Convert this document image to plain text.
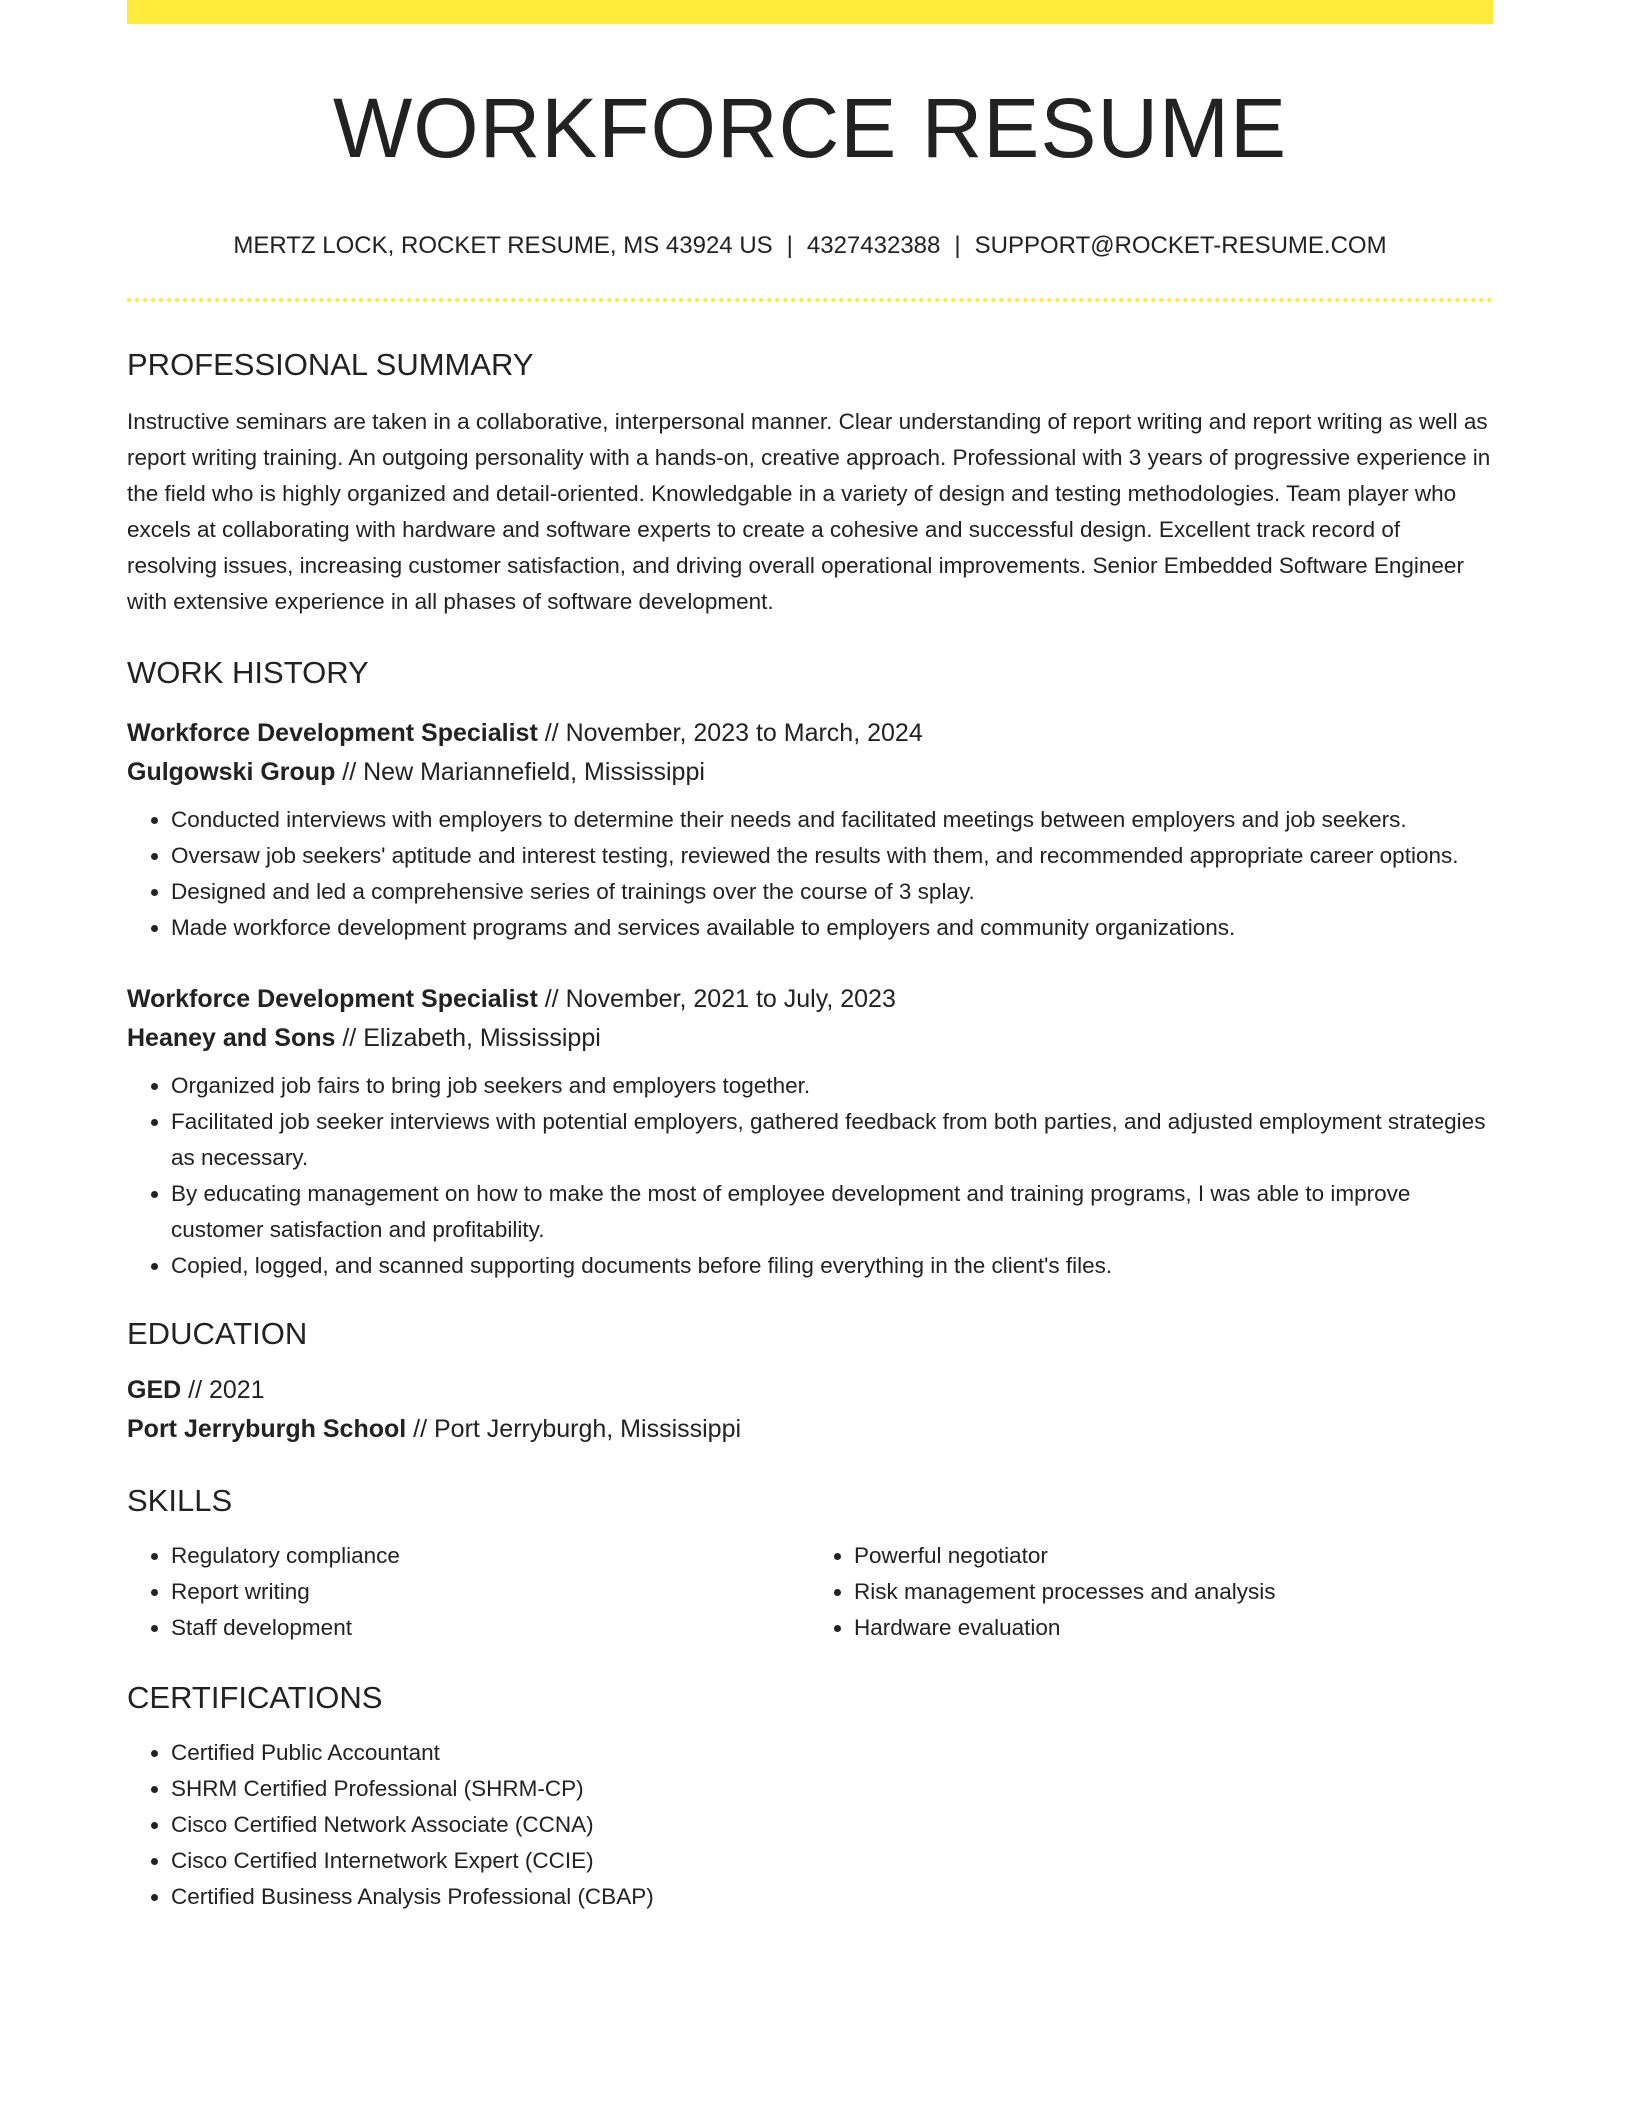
WORKFORCE RESUME
MERTZ LOCK, ROCKET RESUME, MS 43924 US | 4327432388 | SUPPORT@ROCKET-RESUME.COM
PROFESSIONAL SUMMARY
Instructive seminars are taken in a collaborative, interpersonal manner. Clear understanding of report writing and report writing as well as report writing training. An outgoing personality with a hands-on, creative approach. Professional with 3 years of progressive experience in the field who is highly organized and detail-oriented. Knowledgable in a variety of design and testing methodologies. Team player who excels at collaborating with hardware and software experts to create a cohesive and successful design. Excellent track record of resolving issues, increasing customer satisfaction, and driving overall operational improvements. Senior Embedded Software Engineer with extensive experience in all phases of software development.
WORK HISTORY
Workforce Development Specialist // November, 2023 to March, 2024
Gulgowski Group // New Mariannefield, Mississippi
• Conducted interviews with employers to determine their needs and facilitated meetings between employers and job seekers.
• Oversaw job seekers' aptitude and interest testing, reviewed the results with them, and recommended appropriate career options.
• Designed and led a comprehensive series of trainings over the course of 3 splay.
• Made workforce development programs and services available to employers and community organizations.
Workforce Development Specialist // November, 2021 to July, 2023
Heaney and Sons // Elizabeth, Mississippi
• Organized job fairs to bring job seekers and employers together.
• Facilitated job seeker interviews with potential employers, gathered feedback from both parties, and adjusted employment strategies as necessary.
• By educating management on how to make the most of employee development and training programs, I was able to improve customer satisfaction and profitability.
• Copied, logged, and scanned supporting documents before filing everything in the client's files.
EDUCATION
GED // 2021
Port Jerryburgh School // Port Jerryburgh, Mississippi
SKILLS
• Regulatory compliance
• Report writing
• Staff development
• Powerful negotiator
• Risk management processes and analysis
• Hardware evaluation
CERTIFICATIONS
• Certified Public Accountant
• SHRM Certified Professional (SHRM-CP)
• Cisco Certified Network Associate (CCNA)
• Cisco Certified Internetwork Expert (CCIE)
• Certified Business Analysis Professional (CBAP)
